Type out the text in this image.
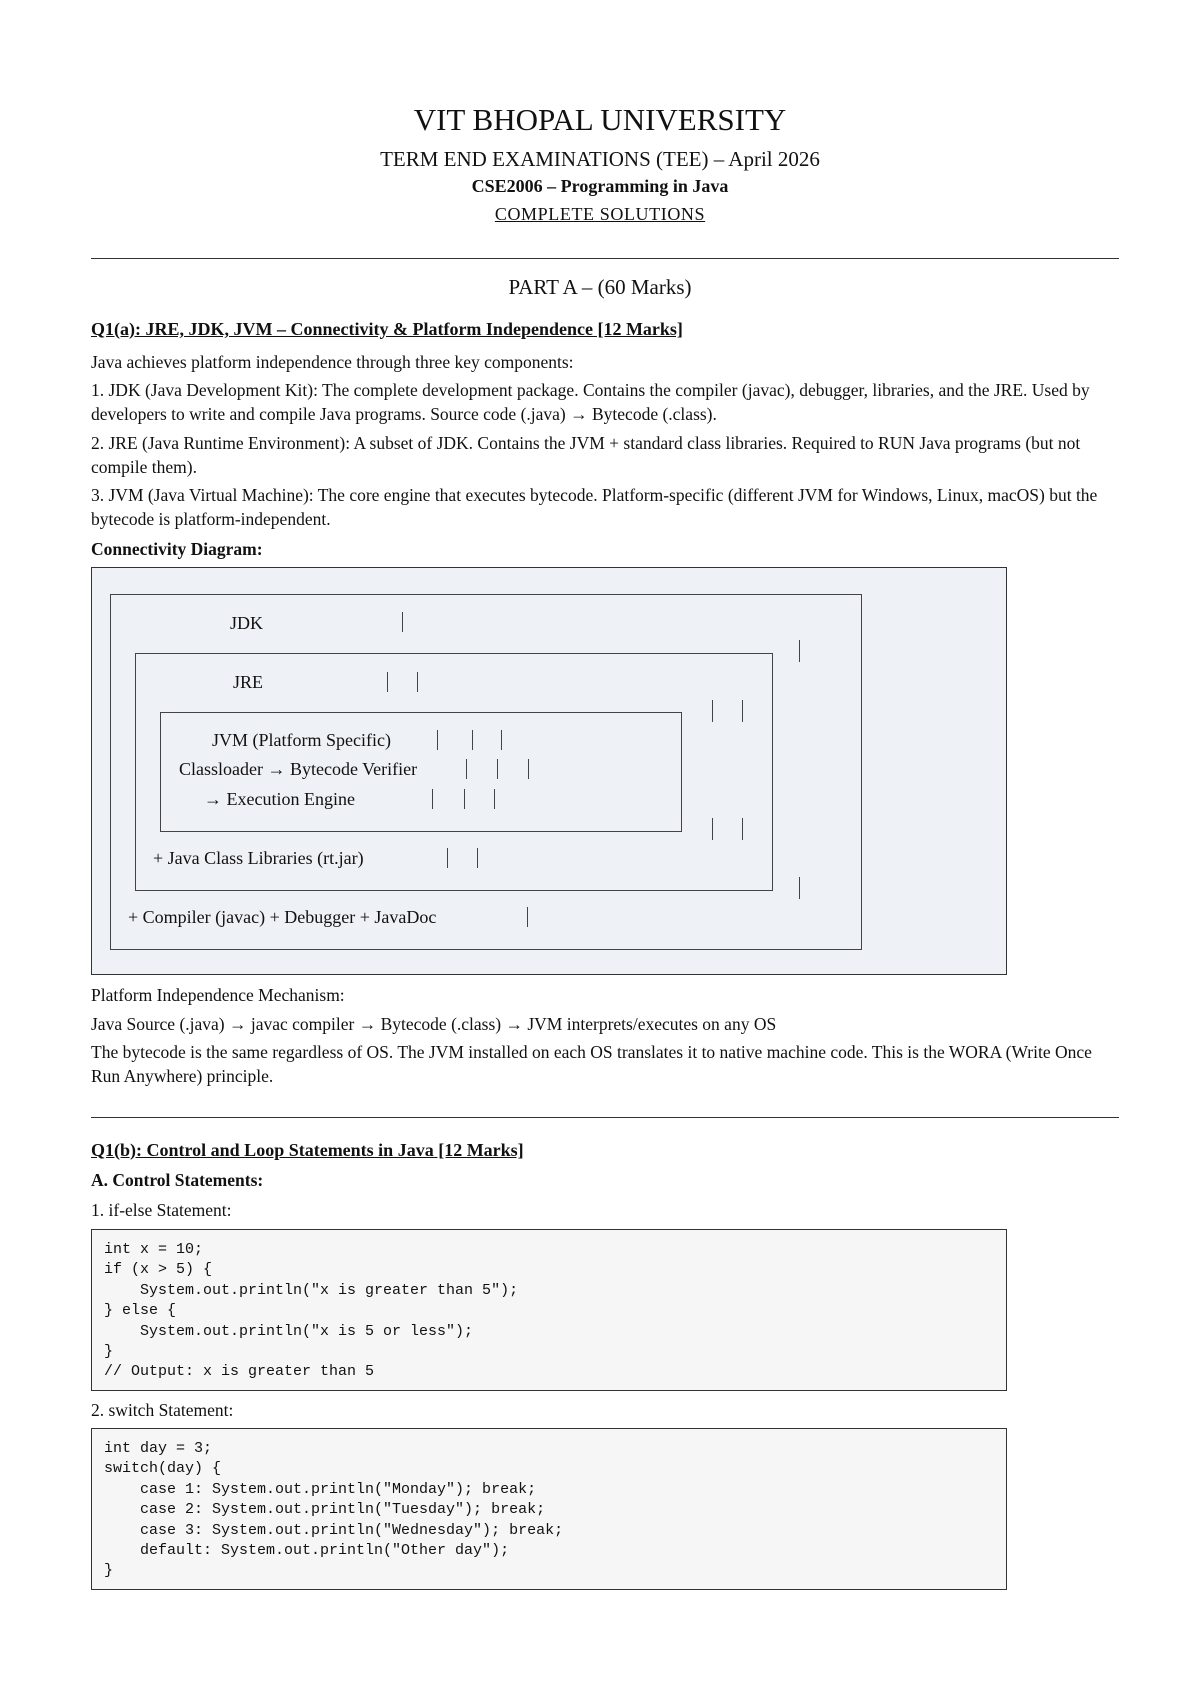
VIT BHOPAL UNIVERSITY
TERM END EXAMINATIONS (TEE) – April 2026
CSE2006 – Programming in Java
COMPLETE SOLUTIONS
PART A – (60 Marks)

Q1(a): JRE, JDK, JVM – Connectivity & Platform Independence [12 Marks]

Java achieves platform independence through three key components:

1. JDK (Java Development Kit): The complete development package. Contains the compiler (javac), debugger, libraries, and the JRE. Used by developers to write and compile Java programs. Source code (.java) → Bytecode (.class).

2. JRE (Java Runtime Environment): A subset of JDK. Contains the JVM + standard class libraries. Required to RUN Java programs (but not compile them).

3. JVM (Java Virtual Machine): The core engine that executes bytecode. Platform-specific (different JVM for Windows, Linux, macOS) but the bytecode is platform-independent.

Connectivity Diagram:

JDK
JRE
JVM (Platform Specific)
Classloader → Bytecode Verifier
→ Execution Engine
+ Java Class Libraries (rt.jar)
+ Compiler (javac) + Debugger + JavaDoc

Platform Independence Mechanism:

Java Source (.java) → javac compiler → Bytecode (.class) → JVM interprets/executes on any OS

The bytecode is the same regardless of OS. The JVM installed on each OS translates it to native machine code. This is the WORA (Write Once Run Anywhere) principle.

Q1(b): Control and Loop Statements in Java [12 Marks]

A. Control Statements:

1. if-else Statement:

int x = 10;
if (x > 5) {
System.out.println("x is greater than 5");
} else {
System.out.println("x is 5 or less");
}
// Output: x is greater than 5

2. switch Statement:

int day = 3;
switch(day) {
case 1: System.out.println("Monday"); break;
case 2: System.out.println("Tuesday"); break;
case 3: System.out.println("Wednesday"); break;
default: System.out.println("Other day");
}
